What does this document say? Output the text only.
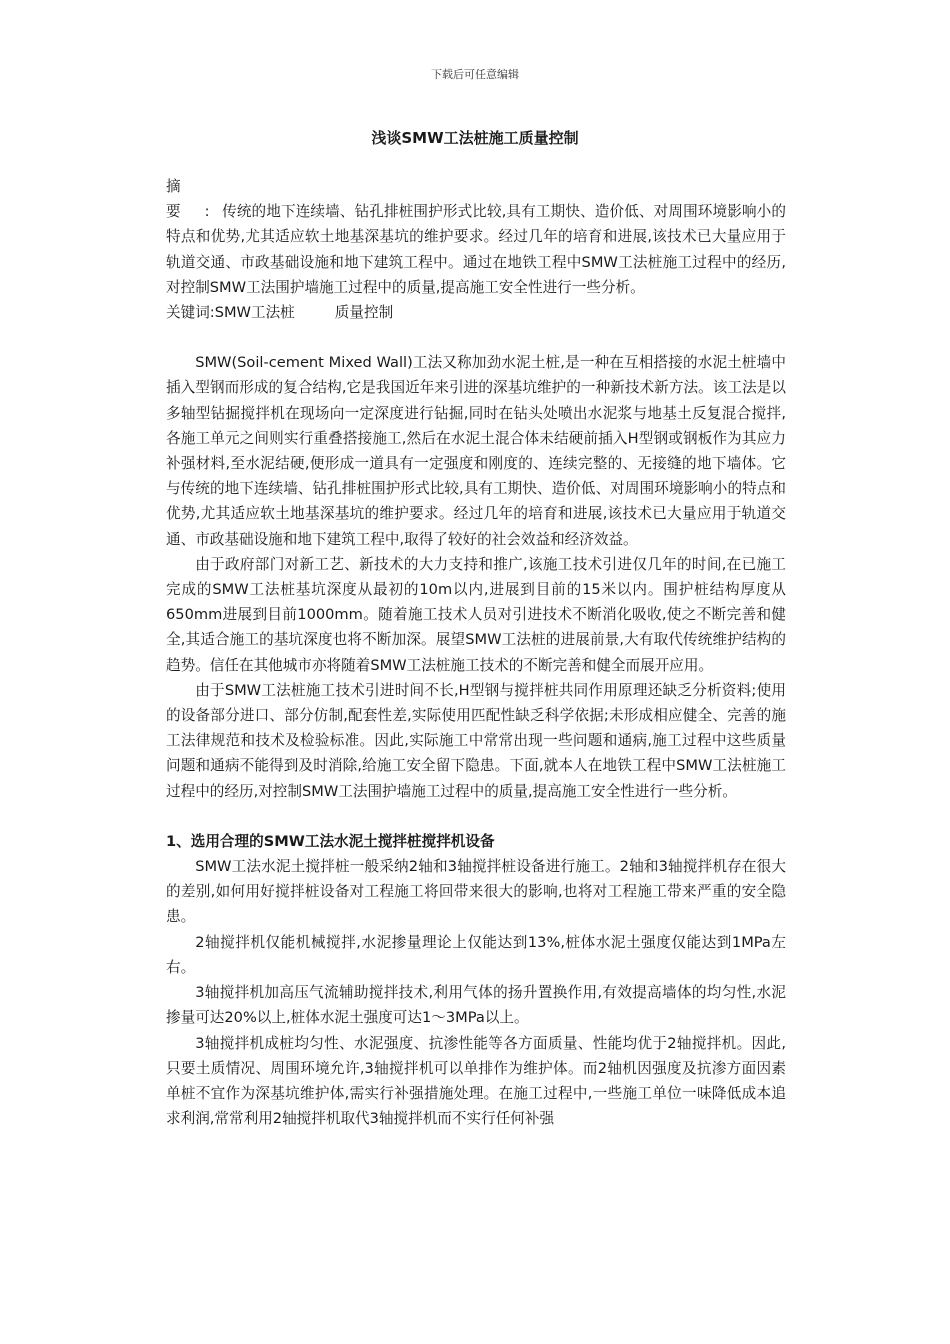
下载后可任意编辑
浅谈SMW工法桩施工质量控制

摘要:传统的地下连续墙、钻孔排桩围护形式比较,具有工期快、造价低、对周围环境影响小的特点和优势,尤其适应软土地基深基坑的维护要求。经过几年的培育和进展,该技术已大量应用于轨道交通、市政基础设施和地下建筑工程中。通过在地铁工程中SMW工法桩施工过程中的经历,对控制SMW工法围护墙施工过程中的质量,提高施工安全性进行一些分析。

关键词:SMW工法桩	质量控制

SMW(Soil-cement Mixed Wall)工法又称加劲水泥土桩,是一种在互相搭接的水泥土桩墙中插入型钢而形成的复合结构,它是我国近年来引进的深基坑维护的一种新技术新方法。该工法是以多轴型钻掘搅拌机在现场向一定深度进行钻掘,同时在钻头处喷出水泥浆与地基土反复混合搅拌,各施工单元之间则实行重叠搭接施工,然后在水泥土混合体未结硬前插入H型钢或钢板作为其应力补强材料,至水泥结硬,便形成一道具有一定强度和刚度的、连续完整的、无接缝的地下墙体。它与传统的地下连续墙、钻孔排桩围护形式比较,具有工期快、造价低、对周围环境影响小的特点和优势,尤其适应软土地基深基坑的维护要求。经过几年的培育和进展,该技术已大量应用于轨道交通、市政基础设施和地下建筑工程中,取得了较好的社会效益和经济效益。

由于政府部门对新工艺、新技术的大力支持和推广,该施工技术引进仅几年的时间,在已施工完成的SMW工法桩基坑深度从最初的10m以内,进展到目前的15米以内。围护桩结构厚度从650mm进展到目前1000mm。随着施工技术人员对引进技术不断消化吸收,使之不断完善和健全,其适合施工的基坑深度也将不断加深。展望SMW工法桩的进展前景,大有取代传统维护结构的趋势。信任在其他城市亦将随着SMW工法桩施工技术的不断完善和健全而展开应用。

由于SMW工法桩施工技术引进时间不长,H型钢与搅拌桩共同作用原理还缺乏分析资料;使用的设备部分进口、部分仿制,配套性差,实际使用匹配性缺乏科学依据;未形成相应健全、完善的施工法律规范和技术及检验标准。因此,实际施工中常常出现一些问题和通病,施工过程中这些质量问题和通病不能得到及时消除,给施工安全留下隐患。下面,就本人在地铁工程中SMW工法桩施工过程中的经历,对控制SMW工法围护墙施工过程中的质量,提高施工安全性进行一些分析。

1、选用合理的SMW工法水泥土搅拌桩搅拌机设备

SMW工法水泥土搅拌桩一般采纳2轴和3轴搅拌桩设备进行施工。2轴和3轴搅拌机存在很大的差别,如何用好搅拌桩设备对工程施工将回带来很大的影响,也将对工程施工带来严重的安全隐患。

2轴搅拌机仅能机械搅拌,水泥掺量理论上仅能达到13%,桩体水泥土强度仅能达到1MPa左右。

3轴搅拌机加高压气流辅助搅拌技术,利用气体的扬升置换作用,有效提高墙体的均匀性,水泥掺量可达20%以上,桩体水泥土强度可达1～3MPa以上。

3轴搅拌机成桩均匀性、水泥强度、抗渗性能等各方面质量、性能均优于2轴搅拌机。因此,只要土质情况、周围环境允许,3轴搅拌机可以单排作为维护体。而2轴机因强度及抗渗方面因素单桩不宜作为深基坑维护体,需实行补强措施处理。在施工过程中,一些施工单位一味降低成本追求利润,常常利用2轴搅拌机取代3轴搅拌机而不实行任何补强
